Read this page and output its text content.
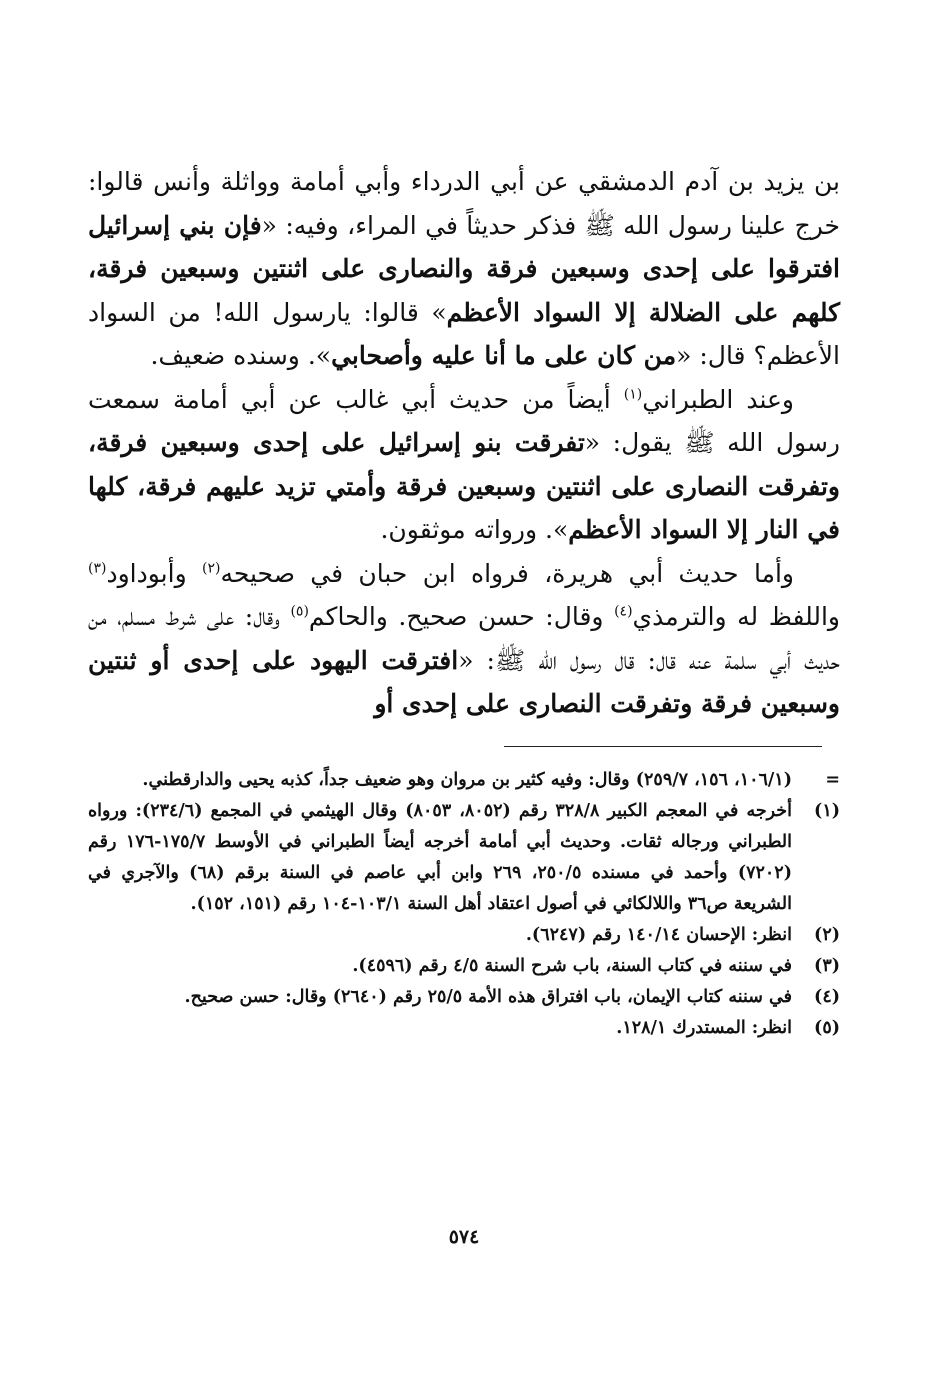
بن يزيد بن آدم الدمشقي عن أبي الدرداء وأبي أمامة وواثلة وأنس قالوا: خرج علينا رسول الله ﷺ فذكر حديثاً في المراء، وفيه: «فإن بني إسرائيل افترقوا على إحدى وسبعين فرقة والنصارى على اثنتين وسبعين فرقة، كلهم على الضلالة إلا السواد الأعظم» قالوا: يارسول الله! من السواد الأعظم؟ قال: «من كان على ما أنا عليه وأصحابي». وسنده ضعيف.

وعند الطبراني$^{(١)}$ أيضاً من حديث أبي غالب عن أبي أمامة سمعت رسول الله ﷺ يقول: «تفرقت بنو إسرائيل على إحدى وسبعين فرقة، وتفرقت النصارى على اثنتين وسبعين فرقة وأمتي تزيد عليهم فرقة، كلها في النار إلا السواد الأعظم». ورواته موثقون.

وأما حديث أبي هريرة، فرواه ابن حبان في صحيحه$^{(٢)}$ وأبوداود$^{(٣)}$ واللفظ له والترمذي$^{(٤)}$ وقال: حسن صحيح. والحاكم$^{(٥)}$ وقال: على شرط مسلم، من حديث أبي سلمة عنه قال: قال رسول الله ﷺ: «افترقت اليهود على إحدى أو ثنتين وسبعين فرقة وتفرقت النصارى على إحدى أو

=
(١٠٦/١، ١٥٦، ٢٥٩/٧) وقال: وفيه كثير بن مروان وهو ضعيف جداً، كذبه يحيى والدارقطني.
(١)
أخرجه في المعجم الكبير ٣٢٨/٨ رقم (٨٠٥٢، ٨٠٥٣) وقال الهيثمي في المجمع (٢٣٤/٦): ورواه الطبراني ورجاله ثقات. وحديث أبي أمامة أخرجه أيضاً الطبراني في الأوسط ١٧٥/٧-١٧٦ رقم (٧٢٠٢) وأحمد في مسنده ٢٥٠/٥، ٢٦٩ وابن أبي عاصم في السنة برقم (٦٨) والآجري في الشريعة ص٣٦ واللالكائي في أصول اعتقاد أهل السنة ١٠٣/١-١٠٤ رقم (١٥١، ١٥٢).
(٢)
انظر: الإحسان ١٤٠/١٤ رقم (٦٢٤٧).
(٣)
في سننه في كتاب السنة، باب شرح السنة ٤/٥ رقم (٤٥٩٦).
(٤)
في سننه كتاب الإيمان، باب افتراق هذه الأمة ٢٥/٥ رقم (٢٦٤٠) وقال: حسن صحيح.
(٥)
انظر: المستدرك ١٢٨/١.
٥٧٤
